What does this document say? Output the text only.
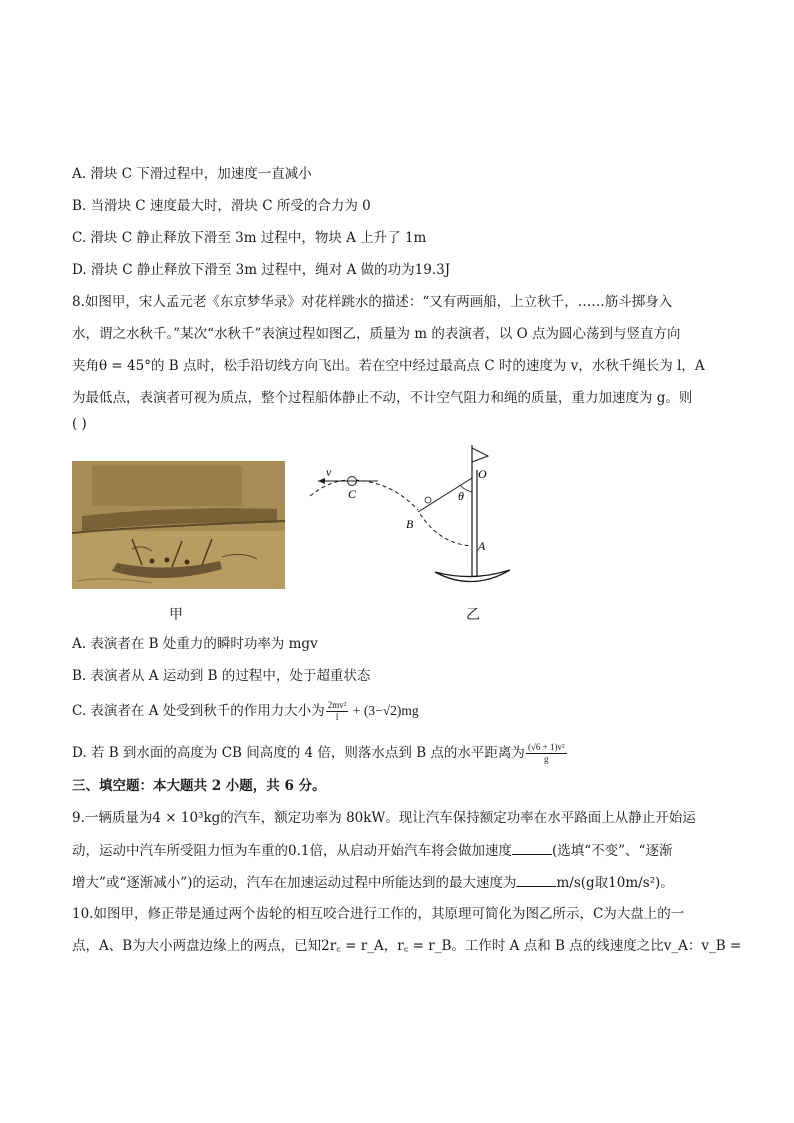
A. 滑块 C 下滑过程中，加速度一直减小
B. 当滑块 C 速度最大时，滑块 C 所受的合力为 0
C. 滑块 C 静止释放下滑至 3m 过程中，物块 A 上升了 1m
D. 滑块 C 静止释放下滑至 3m 过程中，绳对 A 做的功为19.3J
8.如图甲，宋人孟元老《东京梦华录》对花样跳水的描述：“又有两画船，上立秋千，……筋斗掷身入
水，谓之水秋千。”某次“水秋千”表演过程如图乙，质量为 m 的表演者，以 O 点为圆心荡到与竖直方向
夹角θ = 45°的 B 点时，松手沿切线方向飞出。若在空中经过最高点 C 时的速度为 v，水秋千绳长为 l，A
为最低点，表演者可视为质点，整个过程船体静止不动，不计空气阻力和绳的质量，重力加速度为 g。则
( )
甲
v
C
B
A
O
θ
乙
A. 表演者在 B 处重力的瞬时功率为 mgv
B. 表演者从 A 运动到 B 的过程中，处于超重状态
C. 表演者在 A 处受到秋千的作用力大小为 $\frac{\text{2mv²}}{l} + (3-√2)mg$
D. 若 B 到水面的高度为 CB 间高度的 4 倍，则落水点到 B 点的水平距离为 $\frac{\text{(√6 + 1)v²}}{g}$
三、填空题：本大题共 2 小题，共 6 分。
9.一辆质量为4 × 10³kg的汽车，额定功率为 80kW。现让汽车保持额定功率在水平路面上从静止开始运
动，运动中汽车所受阻力恒为车重的0.1倍，从启动开始汽车将会做加速度	(选填“不变”、“逐渐
增大”或“逐渐减小”)的运动，汽车在加速运动过程中所能达到的最大速度为	m/s(g取10m/s²)。
10.如图甲，修正带是通过两个齿轮的相互咬合进行工作的，其原理可简化为图乙所示，C为大盘上的一
点，A、B为大小两盘边缘上的两点，已知2r꜀ = r_A，r꜀ = r_B。工作时 A 点和 B 点的线速度之比v_A：v_B =
